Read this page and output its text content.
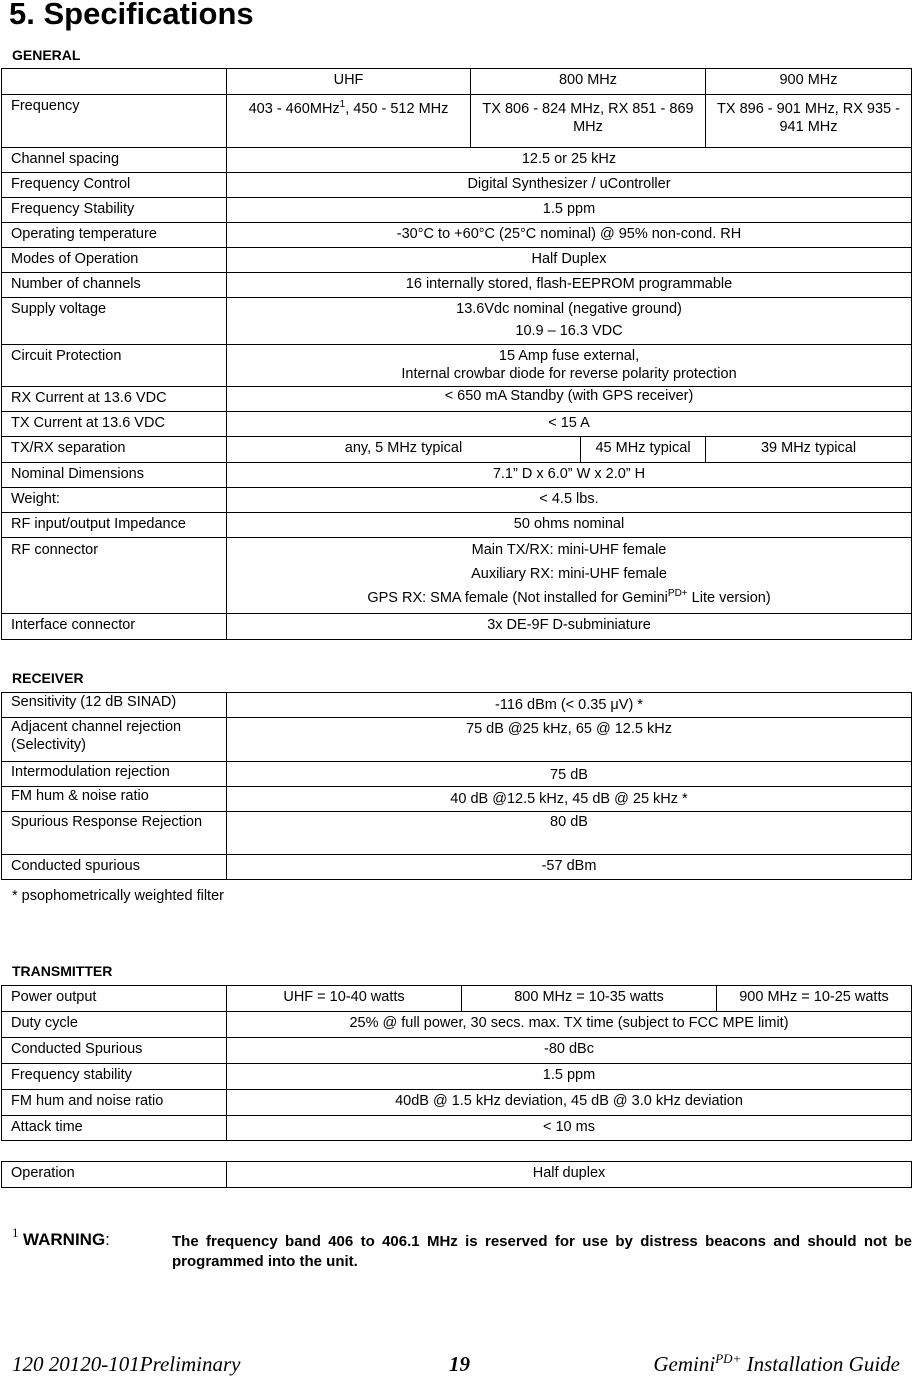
5. Specifications
GENERAL
	UHF	800 MHz		900 MHz
Frequency	403 - 460MHz$^1$, 450 - 512 MHz	TX 806 - 824 MHz, RX 851 - 869 MHz		TX 896 - 901 MHz, RX 935 - 941 MHz
Channel spacing	12.5 or 25 kHz			
Frequency Control	Digital Synthesizer / uController			
Frequency Stability	1.5 ppm			
Operating temperature	-30°C to +60°C (25°C nominal) @ 95% non-cond. RH			
Modes of Operation	Half Duplex			
Number of channels	16 internally stored, flash-EEPROM programmable			
Supply voltage	13.6Vdc nominal (negative ground)
10.9 – 16.3 VDC			

Circuit Protection	15 Amp fuse external,
Internal crowbar diode for reverse polarity protection			

RX Current at 13.6 VDC	< 650 mA Standby (with GPS receiver)			
TX Current at 13.6 VDC	< 15 A			
TX/RX separation	any, 5 MHz typical		45 MHz typical	39 MHz typical
Nominal Dimensions	7.1” D x 6.0” W x 2.0” H			
Weight:	< 4.5 lbs.			
RF input/output Impedance	50 ohms nominal			
RF connector	Main TX/RX: mini-UHF female
Auxiliary RX: mini-UHF female
GPS RX: SMA female (Not installed for Gemini$^{PD+}$ Lite version)			

Interface connector	3x DE-9F D-subminiature			
RECEIVER
Sensitivity (12 dB SINAD)	-116 dBm (< 0.35 μV) *
Adjacent channel rejection (Selectivity)	75 dB @25 kHz, 65 @ 12.5 kHz
Intermodulation rejection	75 dB
FM hum & noise ratio	40 dB @12.5 kHz, 45 dB @ 25 kHz *
Spurious Response Rejection	80 dB
Conducted spurious	-57 dBm
* psophometrically weighted filter
TRANSMITTER
Power output	UHF = 10-40 watts	800 MHz = 10-35 watts	900 MHz = 10-25 watts
Duty cycle	25% @ full power, 30 secs. max. TX time (subject to FCC MPE limit)		
Conducted Spurious	-80 dBc		
Frequency stability	1.5 ppm		
FM hum and noise ratio	40dB @ 1.5 kHz deviation, 45 dB @ 3.0 kHz deviation		
Attack time	< 10 ms		
Operation	Half duplex
1 WARNING:	The frequency band 406 to 406.1 MHz is reserved for use by distress beacons and should not be programmed into the unit.
120 20120-101Preliminary	19	Gemini$^{PD+}$ Installation Guide
